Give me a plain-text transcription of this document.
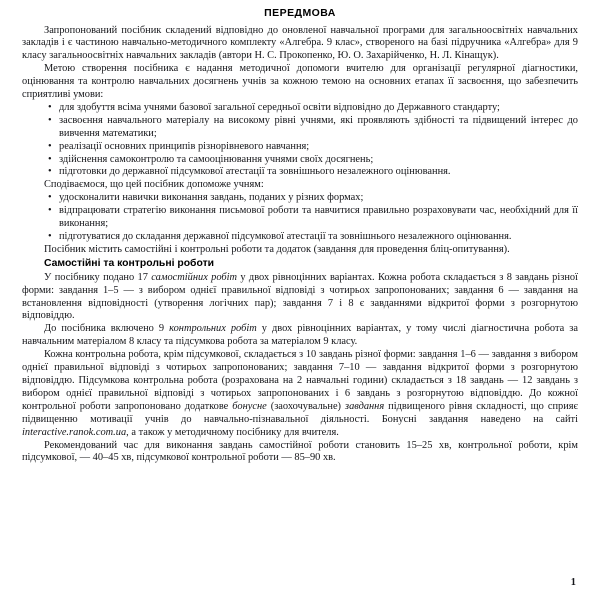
ПЕРЕДМОВА

Запропонований посібник складений відповідно до оновленої навчальної програми для загальноосвітніх навчальних закладів і є частиною навчально-методичного комплекту «Алгебра. 9 клас», створеного на базі підручника «Алгебра» для 9 класу загальноосвітніх навчальних закладів (автори Н. С. Прокопенко, Ю. О. Захарійченко, Н. Л. Кінащук).

Метою створення посібника є надання методичної допомоги вчителю для організації регулярної діагностики, оцінювання та контролю навчальних досягнень учнів за кожною темою на основних етапах її засвоєння, що забезпечить сприятливі умови:

• для здобуття всіма учнями базової загальної середньої освіти відповідно до Державного стандарту;
• засвоєння навчального матеріалу на високому рівні учнями, які проявляють здібності та підвищений інтерес до вивчення математики;
• реалізації основних принципів різнорівневого навчання;
• здійснення самоконтролю та самооцінювання учнями своїх досягнень;
• підготовки до державної підсумкової атестації та зовнішнього незалежного оцінювання.

Сподіваємося, що цей посібник допоможе учням:

• удосконалити навички виконання завдань, поданих у різних формах;
• відпрацювати стратегію виконання письмової роботи та навчитися правильно розраховувати час, необхідний для її виконання;
• підготуватися до складання державної підсумкової атестації та зовнішнього незалежного оцінювання.

Посібник містить самостійні і контрольні роботи та додаток (завдання для проведення бліц-опитування).

Самостійні та контрольні роботи

У посібнику подано 17 самостійних робіт у двох рівноцінних варіантах. Кожна робота складається з 8 завдань різної форми: завдання 1–5 — з вибором однієї правильної відповіді з чотирьох запропонованих; завдання 6 — завдання на встановлення відповідності (утворення логічних пар); завдання 7 і 8 є завданнями відкритої форми з розгорнутою відповіддю.

До посібника включено 9 контрольних робіт у двох рівноцінних варіантах, у тому числі діагностична робота за навчальним матеріалом 8 класу та підсумкова робота за матеріалом 9 класу.

Кожна контрольна робота, крім підсумкової, складається з 10 завдань різної форми: завдання 1–6 — завдання з вибором однієї правильної відповіді з чотирьох запропонованих; завдання 7–10 — завдання відкритої форми з розгорнутою відповіддю. Підсумкова контрольна робота (розрахована на 2 навчальні години) складається з 18 завдань — 12 завдань з вибором однієї правильної відповіді з чотирьох запропонованих і 6 завдань з розгорнутою відповіддю. До кожної контрольної роботи запропоновано додаткове бонусне (заохочувальне) завдання підвищеного рівня складності, що сприяє підвищенню мотивації учнів до навчально-пізнавальної діяльності. Бонусні завдання наведено на сайті interactive.ranok.com.ua, а також у методичному посібнику для вчителя.

Рекомендований час для виконання завдань самостійної роботи становить 15–25 хв, контрольної роботи, крім підсумкової, — 40–45 хв, підсумкової контрольної роботи — 85–90 хв.

1
